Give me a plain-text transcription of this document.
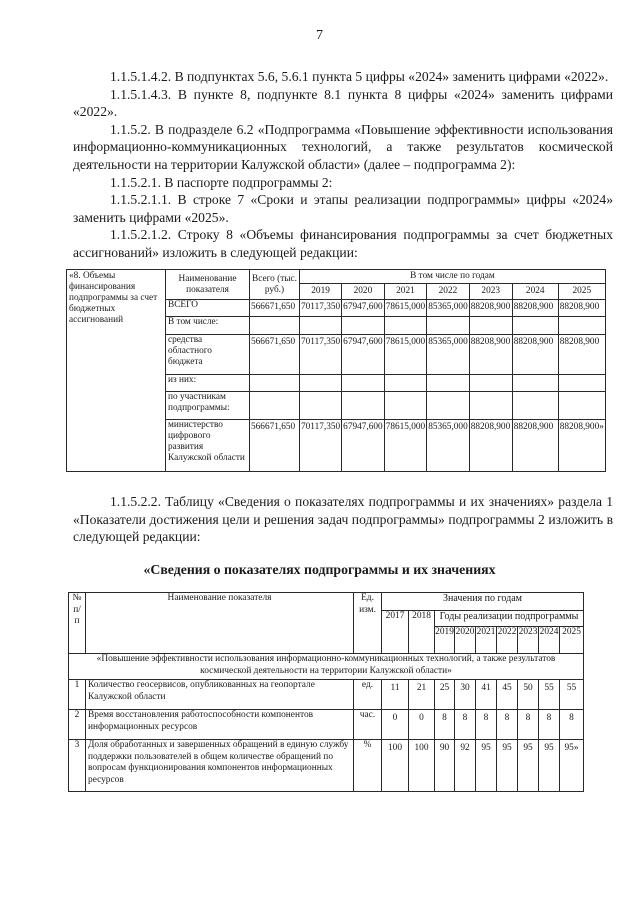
7

1.1.5.1.4.2. В подпунктах 5.6, 5.6.1 пункта 5 цифры «2024» заменить цифрами «2022».

1.1.5.1.4.3. В пункте 8, подпункте 8.1 пункта 8 цифры «2024» заменить цифрами «2022».

1.1.5.2. В подразделе 6.2 «Подпрограмма «Повышение эффективности использования информационно-коммуникационных технологий, а также результатов космической деятельности на территории Калужской области» (далее – подпрограмма 2):

1.1.5.2.1. В паспорте подпрограммы 2:

1.1.5.2.1.1. В строке 7 «Сроки и этапы реализации подпрограммы» цифры «2024» заменить цифрами «2025».

1.1.5.2.1.2. Строку 8 «Объемы финансирования подпрограммы за счет бюджетных ассигнований» изложить в следующей редакции:

«8. Объемы финансирования подпрограммы за счет бюджетных ассигнований	Наименование показателя	Всего (тыс. руб.)	В том числе по годам						
			2019	2020	2021	2022	2023	2024	2025
	ВСЕГО	566671,650	70117,350	67947,600	78615,000	85365,000	88208,900	88208,900	88208,900
	В том числе:								
	средства областного бюджета	566671,650	70117,350	67947,600	78615,000	85365,000	88208,900	88208,900	88208,900
	из них:								
	по участникам подпрограммы:								
	министерство цифрового развития Калужской области	566671,650	70117,350	67947,600	78615,000	85365,000	88208,900	88208,900	88208,900»

1.1.5.2.2. Таблицу «Сведения о показателях подпрограммы и их значениях» раздела 1 «Показатели достижения цели и решения задач подпрограммы» подпрограммы 2 изложить в следующей редакции:

«Сведения о показателях подпрограммы и их значениях
№ п/п	Наименование показателя	Ед. изм.	Значения по годам								
			2017	2018	Годы реализации подпрограммы						
					2019	2020	2021	2022	2023	2024	2025
«Повышение эффективности использования информационно-коммуникационных технологий, а также результатов космической деятельности на территории Калужской области»											
1	Количество геосервисов, опубликованных на геопортале Калужской области	ед.	11	21	25	30	41	45	50	55	55
2	Время восстановления работоспособности компонентов информационных ресурсов	час.	0	0	8	8	8	8	8	8	8
3	Доля обработанных и завершенных обращений в единую службу поддержки пользователей в общем количестве обращений по вопросам функционирования компонентов информационных ресурсов	%	100	100	90	92	95	95	95	95	95»
